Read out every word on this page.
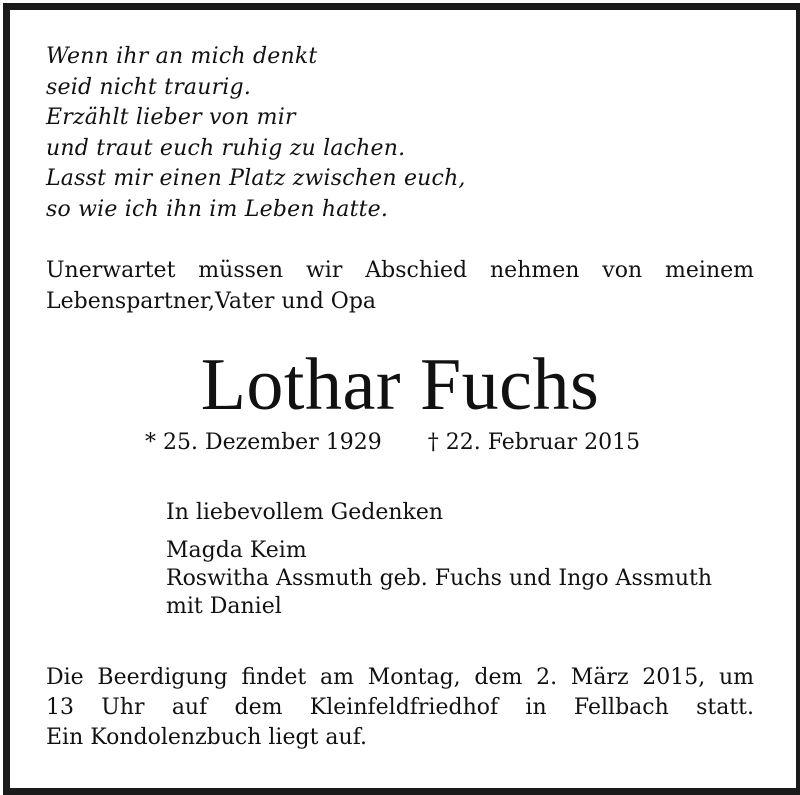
Wenn ihr an mich denkt
seid nicht traurig.
Erzählt lieber von mir
und traut euch ruhig zu lachen.
Lasst mir einen Platz zwischen euch,
so wie ich ihn im Leben hatte.
Unerwartet müssen wir Abschied nehmen von meinem
Lebenspartner,Vater und Opa
Lothar Fuchs
* 25. Dezember 1929 † 22. Februar 2015
In liebevollem Gedenken
Magda Keim
Roswitha Assmuth geb. Fuchs und Ingo Assmuth
mit Daniel
Die Beerdigung findet am Montag, dem 2. März 2015, um
13 Uhr auf dem Kleinfeldfriedhof in Fellbach statt.
Ein Kondolenzbuch liegt auf.
